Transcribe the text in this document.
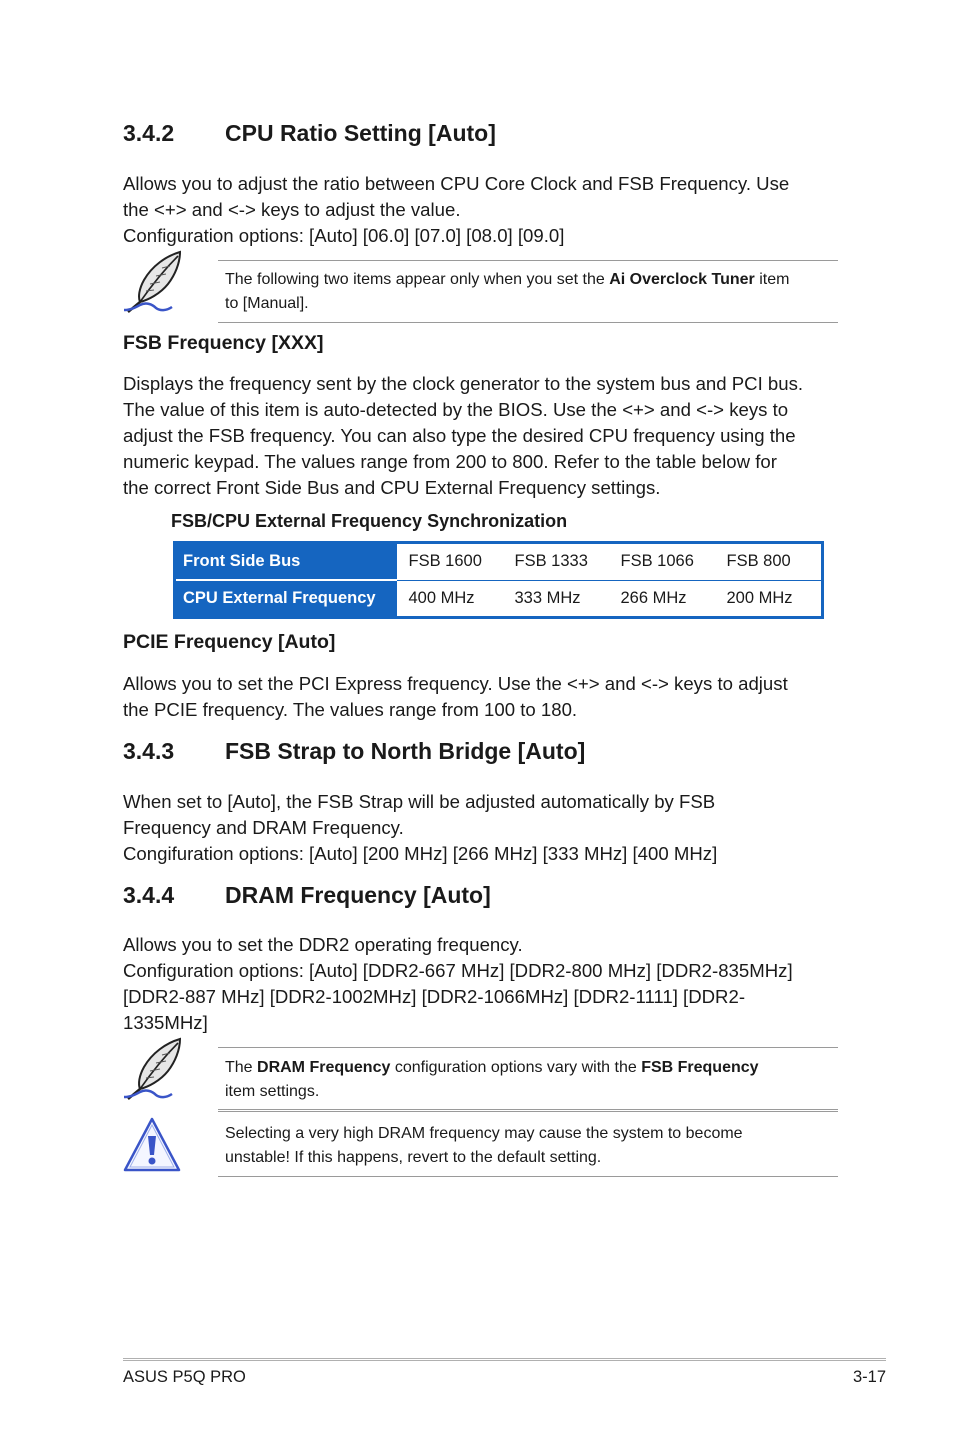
3.4.2 CPU Ratio Setting [Auto]
Allows you to adjust the ratio between CPU Core Clock and FSB Frequency. Use
the <+> and <-> keys to adjust the value.
Configuration options: [Auto] [06.0] [07.0] [08.0] [09.0]
The following two items appear only when you set the Ai Overclock Tuner item
to [Manual].
FSB Frequency [XXX]
Displays the frequency sent by the clock generator to the system bus and PCI bus.
The value of this item is auto-detected by the BIOS. Use the <+> and <-> keys to
adjust the FSB frequency. You can also type the desired CPU frequency using the
numeric keypad. The values range from 200 to 800. Refer to the table below for
the correct Front Side Bus and CPU External Frequency settings.
FSB/CPU External Frequency Synchronization
Front Side Bus	FSB 1600	FSB 1333	FSB 1066	FSB 800
CPU External Frequency	400 MHz	333 MHz	266 MHz	200 MHz
PCIE Frequency [Auto]
Allows you to set the PCI Express frequency. Use the <+> and <-> keys to adjust
the PCIE frequency. The values range from 100 to 180.
3.4.3 FSB Strap to North Bridge [Auto]
When set to [Auto], the FSB Strap will be adjusted automatically by FSB
Frequency and DRAM Frequency.
Congifuration options: [Auto] [200 MHz] [266 MHz] [333 MHz] [400 MHz]
3.4.4 DRAM Frequency [Auto]
Allows you to set the DDR2 operating frequency.
Configuration options: [Auto] [DDR2-667 MHz] [DDR2-800 MHz] [DDR2-835MHz]
[DDR2-887 MHz] [DDR2-1002MHz] [DDR2-1066MHz] [DDR2-1111] [DDR2-
1335MHz]
The DRAM Frequency configuration options vary with the FSB Frequency
item settings.
Selecting a very high DRAM frequency may cause the system to become
unstable! If this happens, revert to the default setting.
ASUS P5Q PRO	3-17
